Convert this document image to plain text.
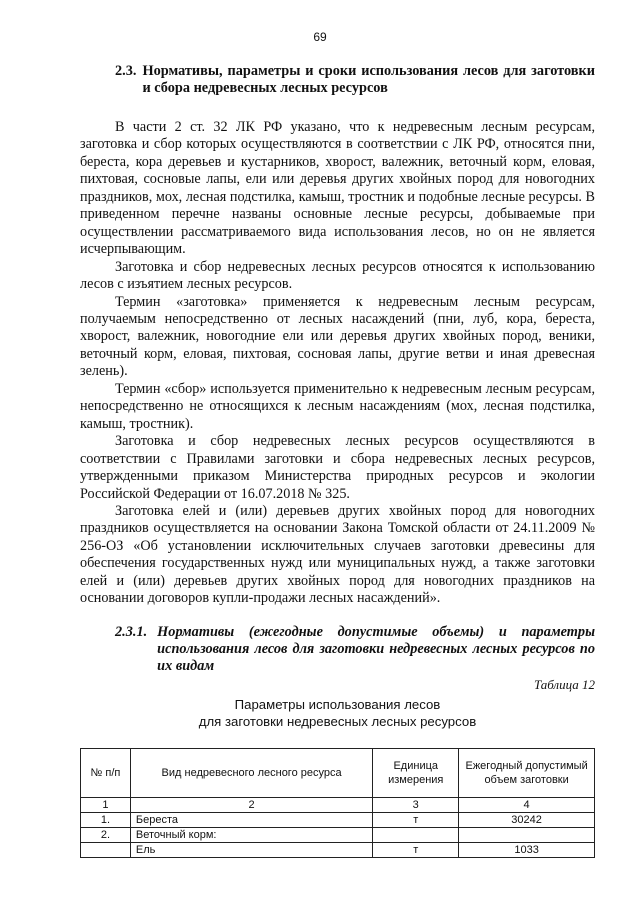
69
2.3. Нормативы, параметры и сроки использования лесов для заготовки и сбора недревесных лесных ресурсов

В части 2 ст. 32 ЛК РФ указано, что к недревесным лесным ресурсам, заготовка и сбор которых осуществляются в соответствии с ЛК РФ, относятся пни, береста, кора деревьев и кустарников, хворост, валежник, веточный корм, еловая, пихтовая, сосновые лапы, ели или деревья других хвойных пород для новогодних праздников, мох, лесная подстилка, камыш, тростник и подобные лесные ресурсы. В приведенном перечне названы основные лесные ресурсы, добываемые при осуществлении рассматриваемого вида использования лесов, но он не является исчерпывающим.

Заготовка и сбор недревесных лесных ресурсов относятся к использованию лесов с изъятием лесных ресурсов.

Термин «заготовка» применяется к недревесным лесным ресурсам, получаемым непосредственно от лесных насаждений (пни, луб, кора, береста, хворост, валежник, новогодние ели или деревья других хвойных пород, веники, веточный корм, еловая, пихтовая, сосновая лапы, другие ветви и иная древесная зелень).

Термин «сбор» используется применительно к недревесным лесным ресурсам, непосредственно не относящихся к лесным насаждениям (мох, лесная подстилка, камыш, тростник).

Заготовка и сбор недревесных лесных ресурсов осуществляются в соответствии с Правилами заготовки и сбора недревесных лесных ресурсов, утвержденными приказом Министерства природных ресурсов и экологии Российской Федерации от 16.07.2018 № 325.

Заготовка елей и (или) деревьев других хвойных пород для новогодних праздников осуществляется на основании Закона Томской области от 24.11.2009 № 256-ОЗ «Об установлении исключительных случаев заготовки древесины для обеспечения государственных нужд или муниципальных нужд, а также заготовки елей и (или) деревьев других хвойных пород для новогодних праздников на основании договоров купли-продажи лесных насаждений».

2.3.1. Нормативы (ежегодные допустимые объемы) и параметры использования лесов для заготовки недревесных лесных ресурсов по их видам
Таблица 12
Параметры использования лесов
для заготовки недревесных лесных ресурсов
№ п/п	Вид недревесного лесного ресурса	Единица измерения	Ежегодный допустимый объем заготовки
1	2	3	4
1.	Береста	т	30242
2.	Веточный корм:		
	Ель	т	1033
